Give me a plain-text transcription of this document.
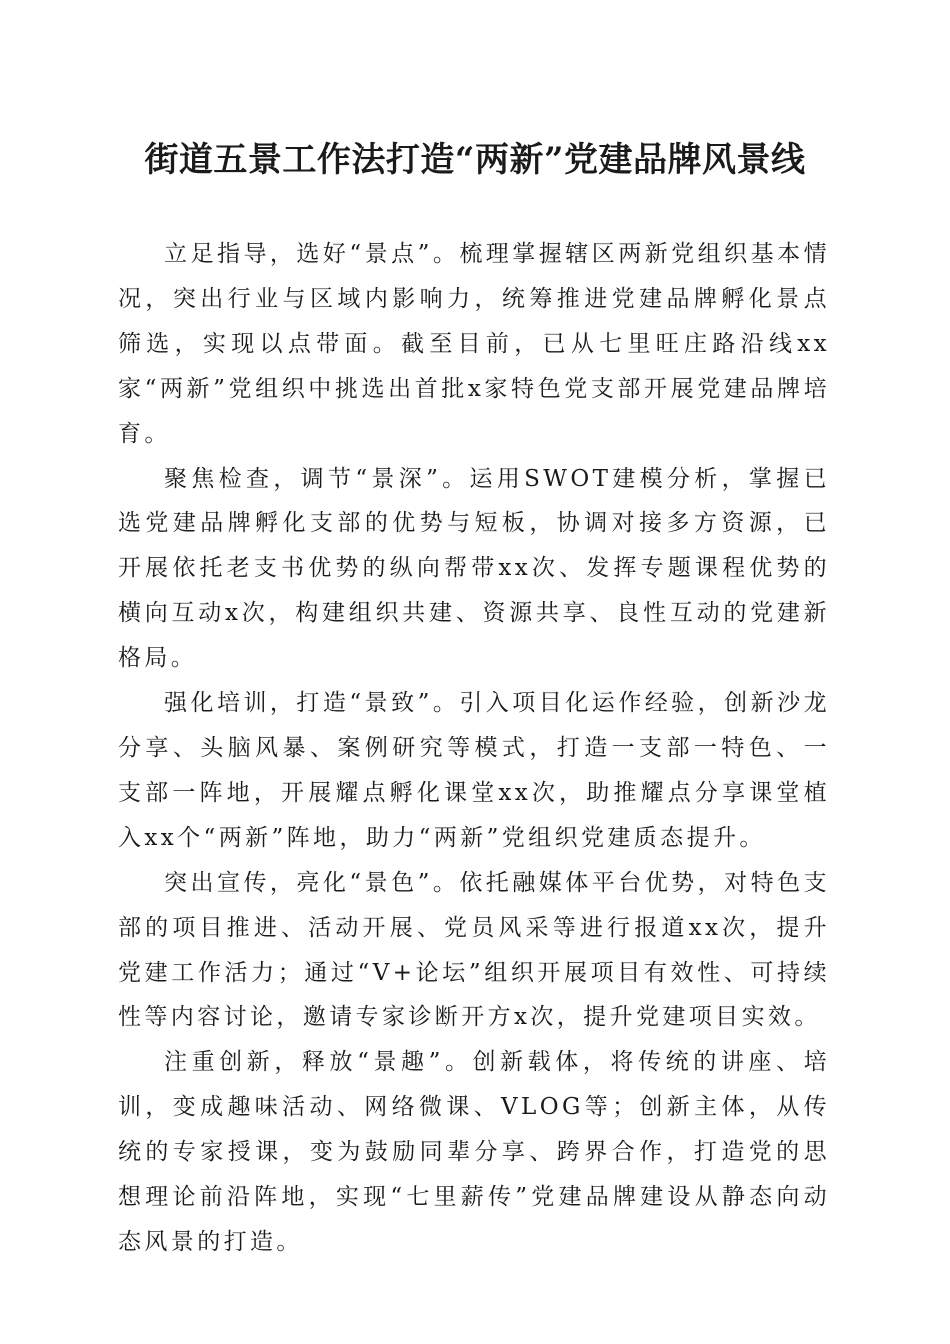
街道五景工作法打造“两新”党建品牌风景线

立足指导，选好“景点”。梳理掌握辖区两新党组织基本情况，突出行业与区域内影响力，统筹推进党建品牌孵化景点筛选，实现以点带面。截至目前，已从七里旺庄路沿线xx家“两新”党组织中挑选出首批x家特色党支部开展党建品牌培育。

聚焦检查，调节“景深”。运用SWOT建模分析，掌握已选党建品牌孵化支部的优势与短板，协调对接多方资源，已开展依托老支书优势的纵向帮带xx次、发挥专题课程优势的横向互动x次，构建组织共建、资源共享、良性互动的党建新格局。

强化培训，打造“景致”。引入项目化运作经验，创新沙龙分享、头脑风暴、案例研究等模式，打造一支部一特色、一支部一阵地，开展耀点孵化课堂xx次，助推耀点分享课堂植入xx个“两新”阵地，助力“两新”党组织党建质态提升。

突出宣传，亮化“景色”。依托融媒体平台优势，对特色支部的项目推进、活动开展、党员风采等进行报道xx次，提升党建工作活力；通过“V+论坛”组织开展项目有效性、可持续性等内容讨论，邀请专家诊断开方x次，提升党建项目实效。

注重创新，释放“景趣”。创新载体，将传统的讲座、培训，变成趣味活动、网络微课、VLOG等；创新主体，从传统的专家授课，变为鼓励同辈分享、跨界合作，打造党的思想理论前沿阵地，实现“七里薪传”党建品牌建设从静态向动态风景的打造。
